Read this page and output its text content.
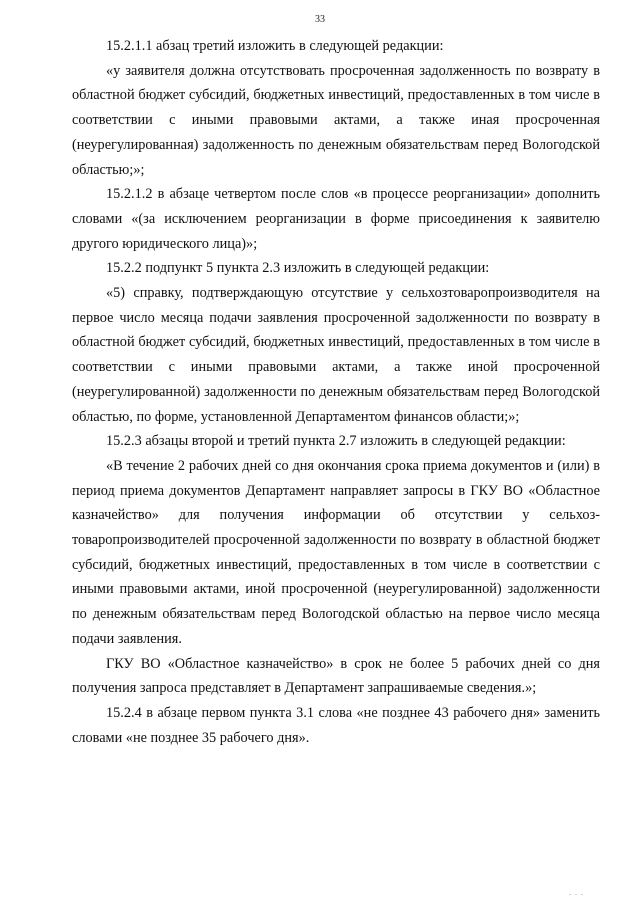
33

15.2.1.1 абзац третий изложить в следующей редакции:

«у заявителя должна отсутствовать просроченная задолженность по возврату в областной бюджет субсидий, бюджетных инвестиций, предоставленных в том числе в соответствии с иными правовыми актами, а также иная просроченная (неурегулированная) задолженность по денежным обязательствам перед Вологодской областью;»;

15.2.1.2 в абзаце четвертом после слов «в процессе реорганизации» дополнить словами «(за исключением реорганизации в форме присоединения к заявителю другого юридического лица)»;

15.2.2 подпункт 5 пункта 2.3 изложить в следующей редакции:

«5) справку, подтверждающую отсутствие у сельхозтоваропроизводителя на первое число месяца подачи заявления просроченной задолженности по возврату в областной бюджет субсидий, бюджетных инвестиций, предоставленных в том числе в соответствии с иными правовыми актами, а также иной просроченной (неурегулированной) задолженности по денежным обязательствам перед Вологодской областью, по форме, установленной Департаментом финансов области;»;

15.2.3 абзацы второй и третий пункта 2.7 изложить в следующей редакции:

«В течение 2 рабочих дней со дня окончания срока приема документов и (или) в период приема документов Департамент направляет запросы в ГКУ ВО «Областное казначейство» для получения информации об отсутствии у сельхозтоваропроизводителей просроченной задолженности по возврату в областной бюджет субсидий, бюджетных инвестиций, предоставленных в том числе в соответствии с иными правовыми актами, иной просроченной (неурегулированной) задолженности по денежным обязательствам перед Вологодской областью на первое число месяца подачи заявления.

ГКУ ВО «Областное казначейство» в срок не более 5 рабочих дней со дня получения запроса представляет в Департамент запрашиваемые сведения.»;

15.2.4 в абзаце первом пункта 3.1 слова «не позднее 43 рабочего дня» заменить словами «не позднее 35 рабочего дня».

. . .
